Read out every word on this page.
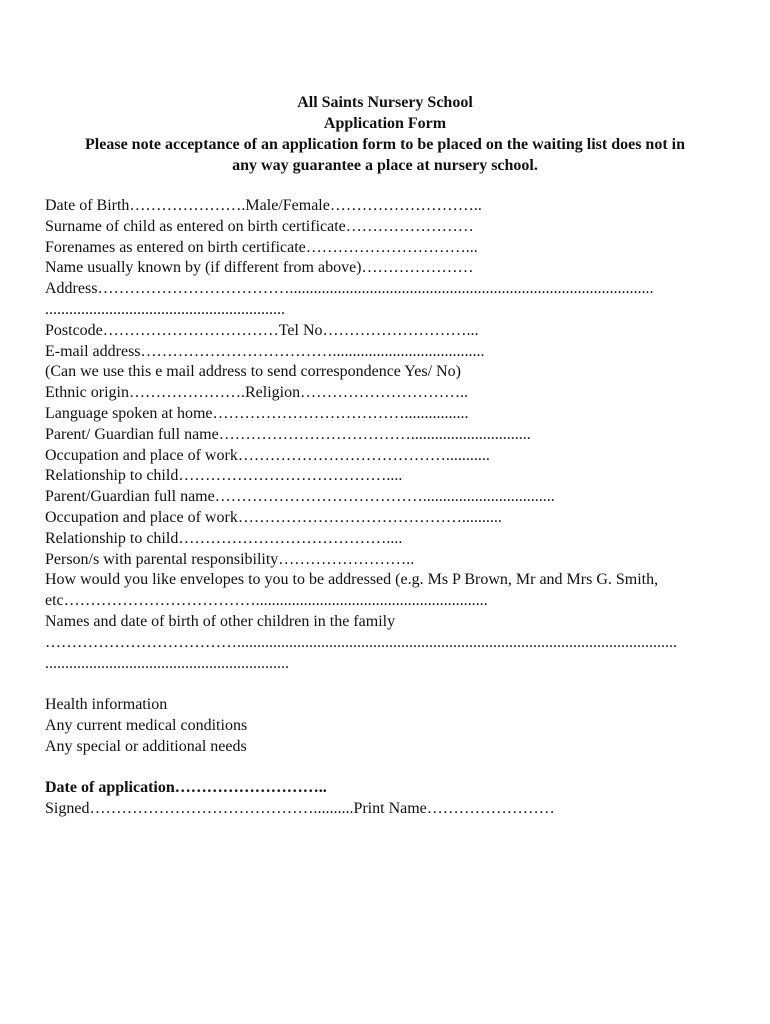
All Saints Nursery School
Application Form
Please note acceptance of an application form to be placed on the waiting list does not in
any way guarantee a place at nursery school.
Date of Birth………………….Male/Female………………………..
Surname of child as entered on birth certificate……………………
Forenames as entered on birth certificate…………………………...
Name usually known by (if different from above)…………………
Address………………………………...........................................................................................
............................................................
Postcode……………………………Tel No………………………...
E-mail address………………………………......................................
(Can we use this e mail address to send correspondence Yes/ No)
Ethnic origin………………….Religion…………………………..
Language spoken at home………………………………................
Parent/ Guardian full name………………………………..............................
Occupation and place of work…………………………………...........
Relationship to child…………………………………....
Parent/Guardian full name………………………………….................................
Occupation and place of work……………………………………..........
Relationship to child…………………………………....
Person/s with parental responsibility……………………..
How would you like envelopes to you to be addressed (e.g. Ms P Brown, Mr and Mrs G. Smith,
etc………………………………..........................................................
Names and date of birth of other children in the family
………………………………..............................................................................................................
.............................................................
Health information
Any current medical conditions
Any special or additional needs
Date of application………………………..
Signed……………………………………..........Print Name……………………
